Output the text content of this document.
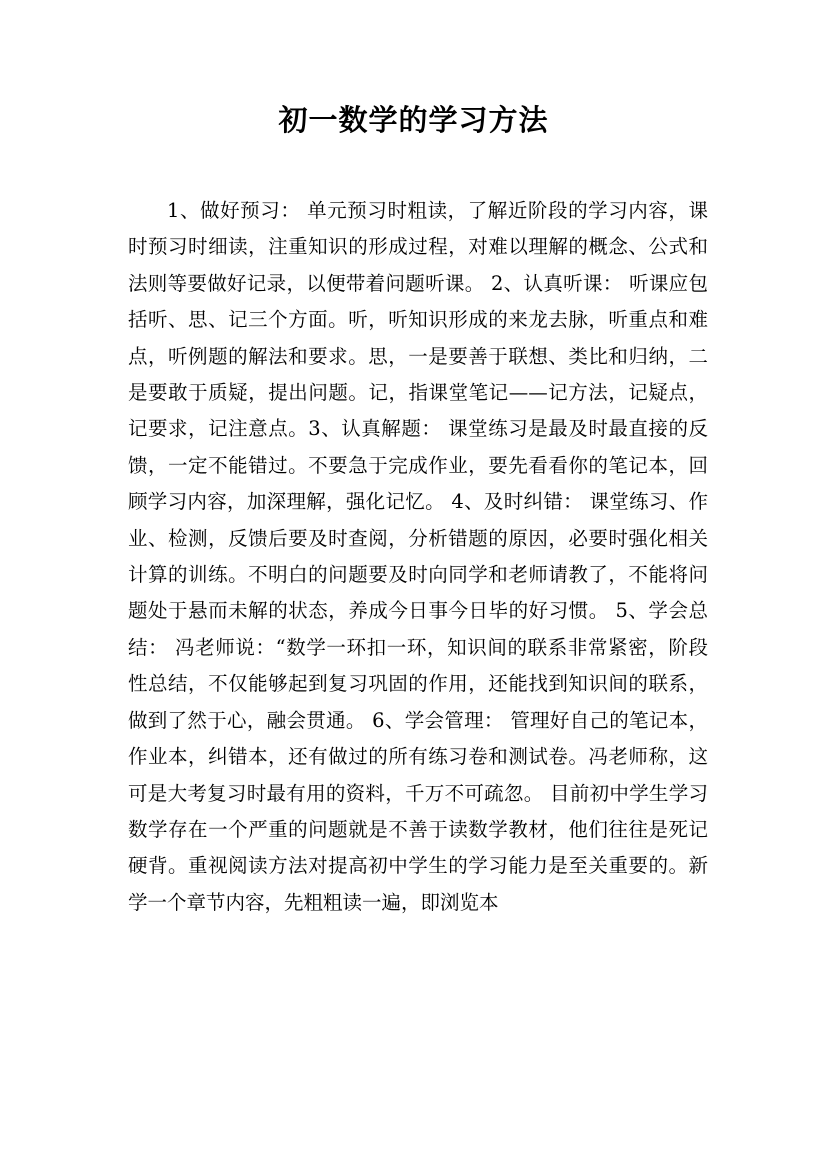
初一数学的学习方法

1、做好预习： 单元预习时粗读，了解近阶段的学习内容，课时预习时细读，注重知识的形成过程，对难以理解的概念、公式和法则等要做好记录，以便带着问题听课。 2、认真听课： 听课应包括听、思、记三个方面。听，听知识形成的来龙去脉，听重点和难点，听例题的解法和要求。思，一是要善于联想、类比和归纳，二是要敢于质疑，提出问题。记，指课堂笔记——记方法，记疑点，记要求，记注意点。3、认真解题： 课堂练习是最及时最直接的反馈，一定不能错过。不要急于完成作业，要先看看你的笔记本，回顾学习内容，加深理解，强化记忆。 4、及时纠错： 课堂练习、作业、检测，反馈后要及时查阅，分析错题的原因，必要时强化相关计算的训练。不明白的问题要及时向同学和老师请教了，不能将问题处于悬而未解的状态，养成今日事今日毕的好习惯。 5、学会总结： 冯老师说：“数学一环扣一环，知识间的联系非常紧密，阶段性总结，不仅能够起到复习巩固的作用，还能找到知识间的联系，做到了然于心，融会贯通。 6、学会管理： 管理好自己的笔记本，作业本，纠错本，还有做过的所有练习卷和测试卷。冯老师称，这可是大考复习时最有用的资料，千万不可疏忽。 目前初中学生学习数学存在一个严重的问题就是不善于读数学教材，他们往往是死记硬背。重视阅读方法对提高初中学生的学习能力是至关重要的。新学一个章节内容，先粗粗读一遍，即浏览本
